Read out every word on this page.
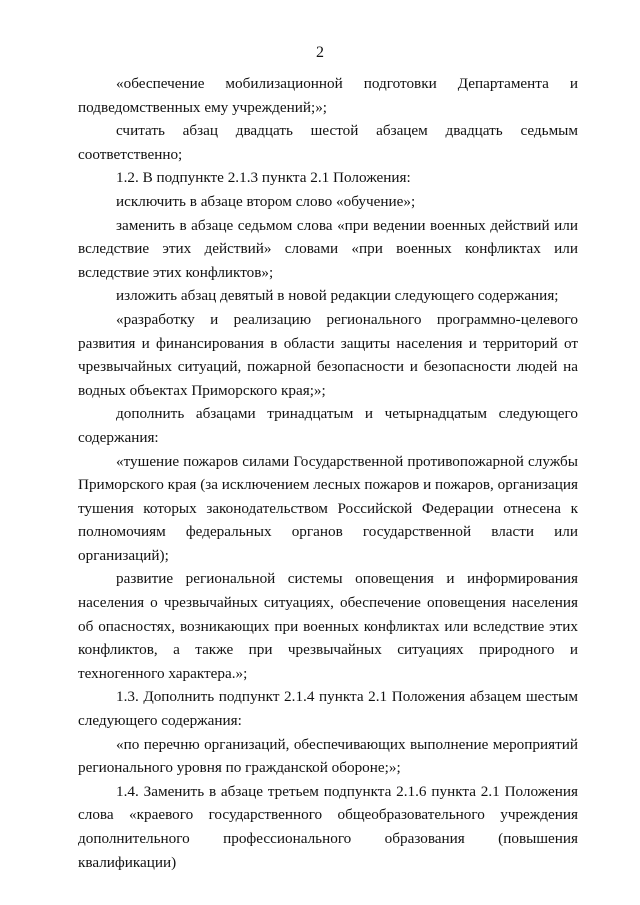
2

«обеспечение мобилизационной подготовки Департамента и подведомственных ему учреждений;»;

считать абзац двадцать шестой абзацем двадцать седьмым соответственно;

1.2. В подпункте 2.1.3 пункта 2.1 Положения:

исключить в абзаце втором слово «обучение»;

заменить в абзаце седьмом слова «при ведении военных действий или вследствие этих действий» словами «при военных конфликтах или вследствие этих конфликтов»;

изложить абзац девятый в новой редакции следующего содержания;

«разработку и реализацию регионального программно-целевого развития и финансирования в области защиты населения и территорий от чрезвычайных ситуаций, пожарной безопасности и безопасности людей на водных объектах Приморского края;»;

дополнить абзацами тринадцатым и четырнадцатым следующего содержания:

«тушение пожаров силами Государственной противопожарной службы Приморского края (за исключением лесных пожаров и пожаров, организация тушения которых законодательством Российской Федерации отнесена к полномочиям федеральных органов государственной власти или организаций);

развитие региональной системы оповещения и информирования населения о чрезвычайных ситуациях, обеспечение оповещения населения об опасностях, возникающих при военных конфликтах или вследствие этих конфликтов, а также при чрезвычайных ситуациях природного и техногенного характера.»;

1.3. Дополнить подпункт 2.1.4 пункта 2.1 Положения абзацем шестым следующего содержания:

«по перечню организаций, обеспечивающих выполнение мероприятий регионального уровня по гражданской обороне;»;

1.4. Заменить в абзаце третьем подпункта 2.1.6 пункта 2.1 Положения слова «краевого государственного общеобразовательного учреждения дополнительного профессионального образования (повышения квалификации)
